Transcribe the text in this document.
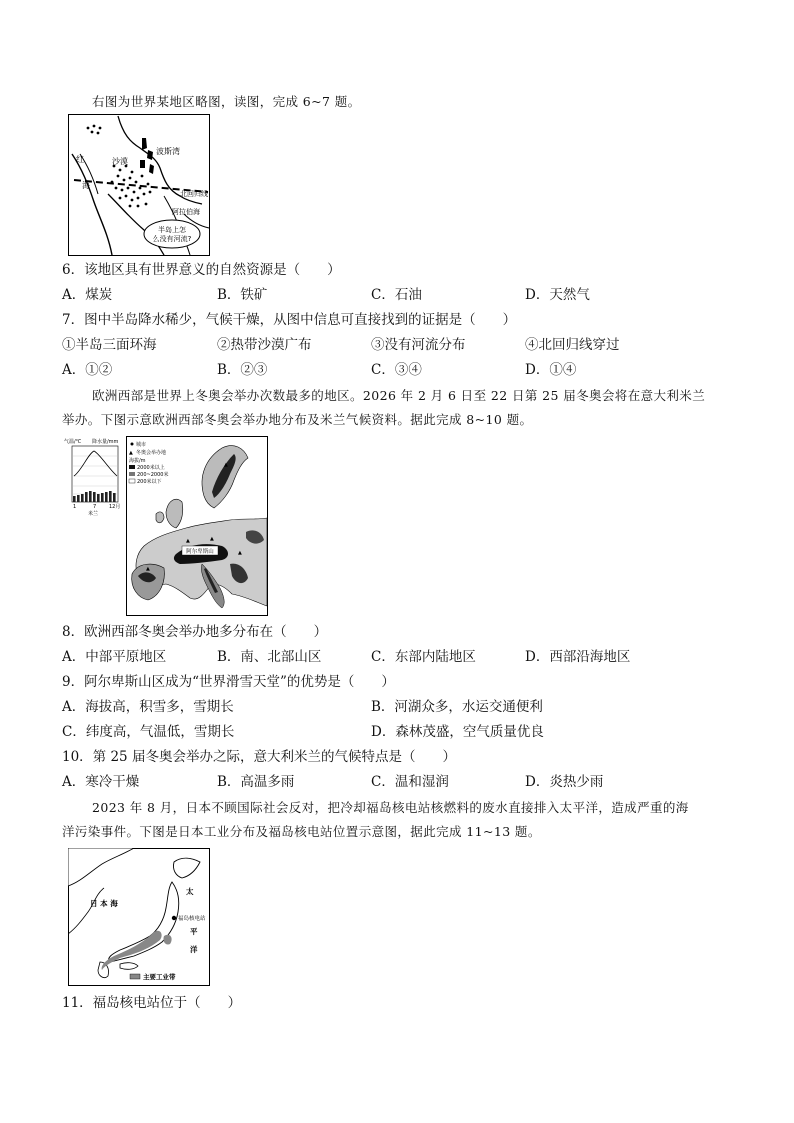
右图为世界某地区略图，读图，完成 6~7 题。
半岛上怎
么没有河流?
波斯湾
沙漠
红
海
北回归线
阿拉伯海
6．该地区具有世界意义的自然资源是（　　）
A．煤炭	B．铁矿	C．石油	D．天然气
7．图中半岛降水稀少，气候干燥，从图中信息可直接找到的证据是（　　）
①半岛三面环海	②热带沙漠广布	③没有河流分布	④北回归线穿过
A．①②	B．②③	C．③④	D．①④
欧洲西部是世界上冬奥会举办次数最多的地区。2026 年 2 月 6 日至 22 日第 25 届冬奥会将在意大利米兰
举办。下图示意欧洲西部冬奥会举办地分布及米兰气候资料。据此完成 8~10 题。
气温/℃ 降水量/mm
1	7	12月
米兰
城市
▲ 冬奥会举办地
海拔/m
2000米以上
200~2000米
200米以下
阿尔卑斯山
▲	▲
▲
▲
▲
8．欧洲西部冬奥会举办地多分布在（　　）
A．中部平原地区	B．南、北部山区	C．东部内陆地区	D．西部沿海地区
9．阿尔卑斯山区成为“世界滑雪天堂”的优势是（　　）
A．海拔高，积雪多，雪期长	B．河湖众多，水运交通便利
C．纬度高，气温低，雪期长	D．森林茂盛，空气质量优良
10．第 25 届冬奥会举办之际，意大利米兰的气候特点是（　　）
A．寒冷干燥	B．高温多雨	C．温和湿润	D．炎热少雨
2023 年 8 月，日本不顾国际社会反对，把冷却福岛核电站核燃料的废水直接排入太平洋，造成严重的海
洋污染事件。下图是日本工业分布及福岛核电站位置示意图，据此完成 11~13 题。
日 本 海
太
平
洋
福岛核电站
主要工业带
11．福岛核电站位于（　　）
